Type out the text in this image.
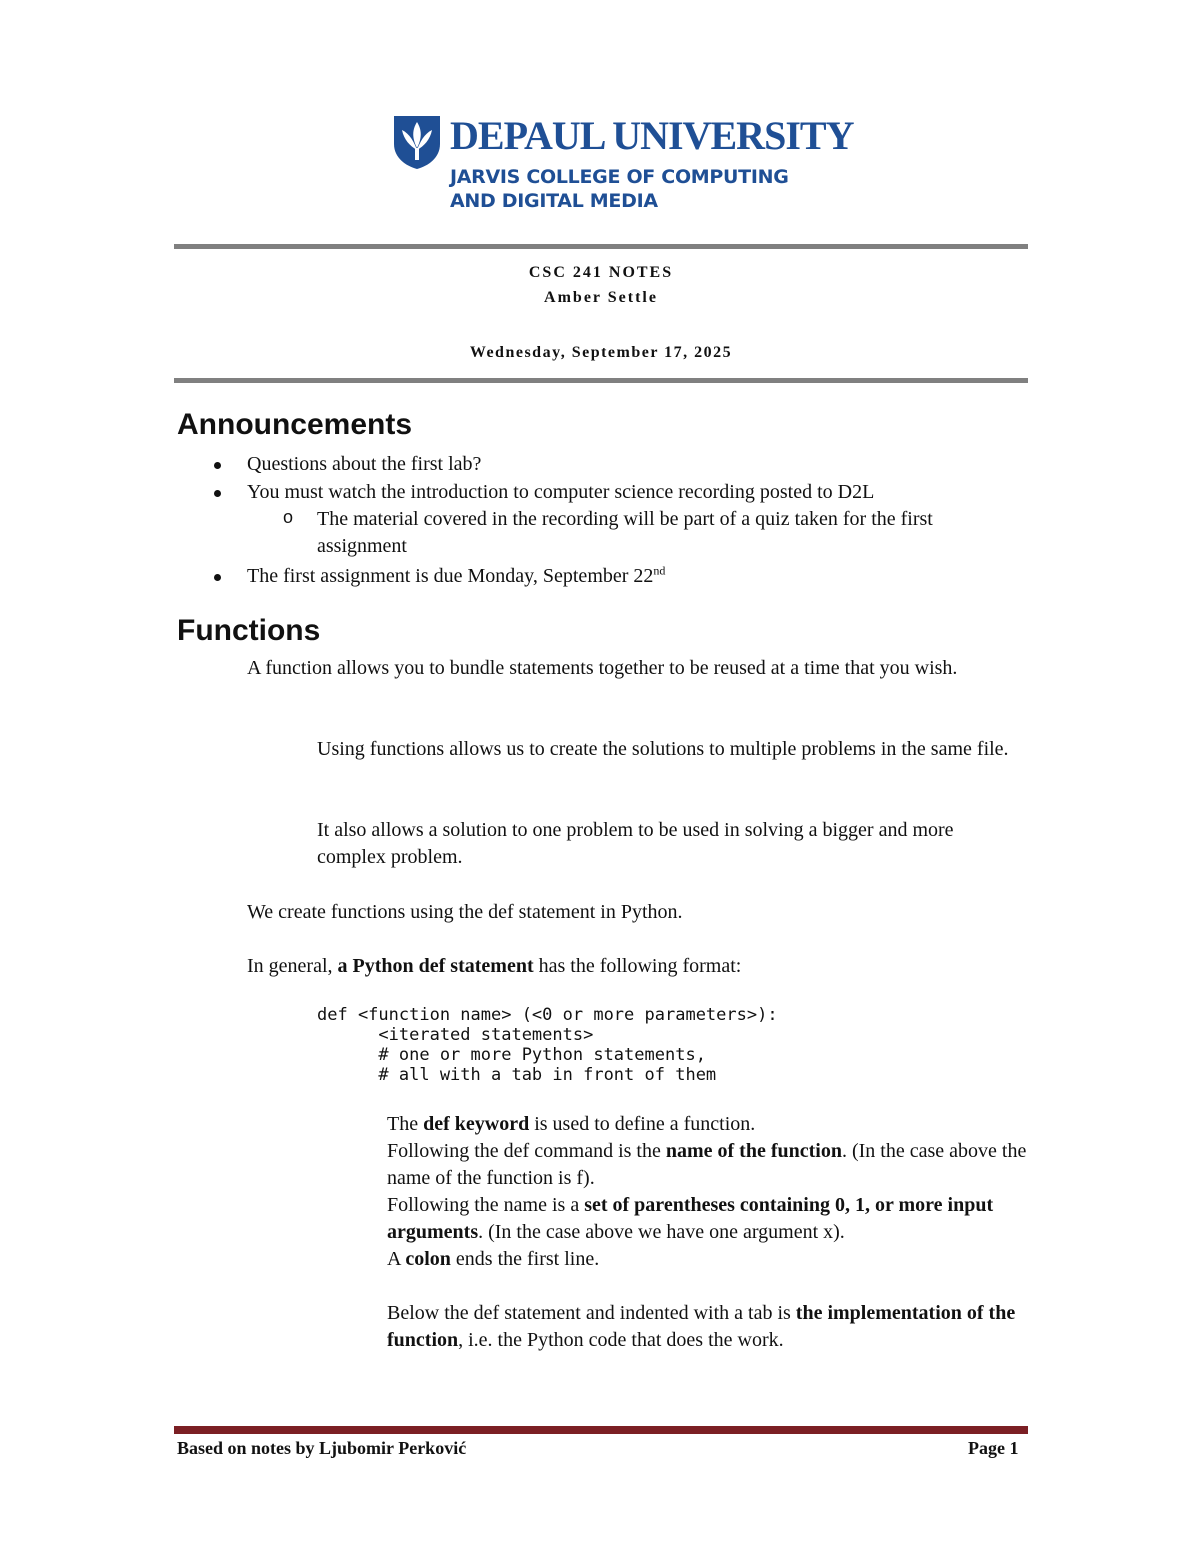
DEPAUL UNIVERSITY
JARVIS COLLEGE OF COMPUTING
AND DIGITAL MEDIA
CSC 241 NOTES
Amber Settle
Wednesday, September 17, 2025
Announcements
Questions about the first lab?
You must watch the introduction to computer science recording posted to D2L
o The material covered in the recording will be part of a quiz taken for the first assignment
The first assignment is due Monday, September 22nd
Functions
A function allows you to bundle statements together to be reused at a time that you wish.
Using functions allows us to create the solutions to multiple problems in the same file.
It also allows a solution to one problem to be used in solving a bigger and more complex problem.
We create functions using the def statement in Python.
In general, a Python def statement has the following format:
def <function name> (<0 or more parameters>):
<iterated statements>
# one or more Python statements,
# all with a tab in front of them
The def keyword is used to define a function.
Following the def command is the name of the function. (In the case above the name of the function is f).
Following the name is a set of parentheses containing 0, 1, or more input arguments. (In the case above we have one argument x).
A colon ends the first line.
Below the def statement and indented with a tab is the implementation of the function, i.e. the Python code that does the work.
Based on notes by Ljubomir Perković	Page 1
